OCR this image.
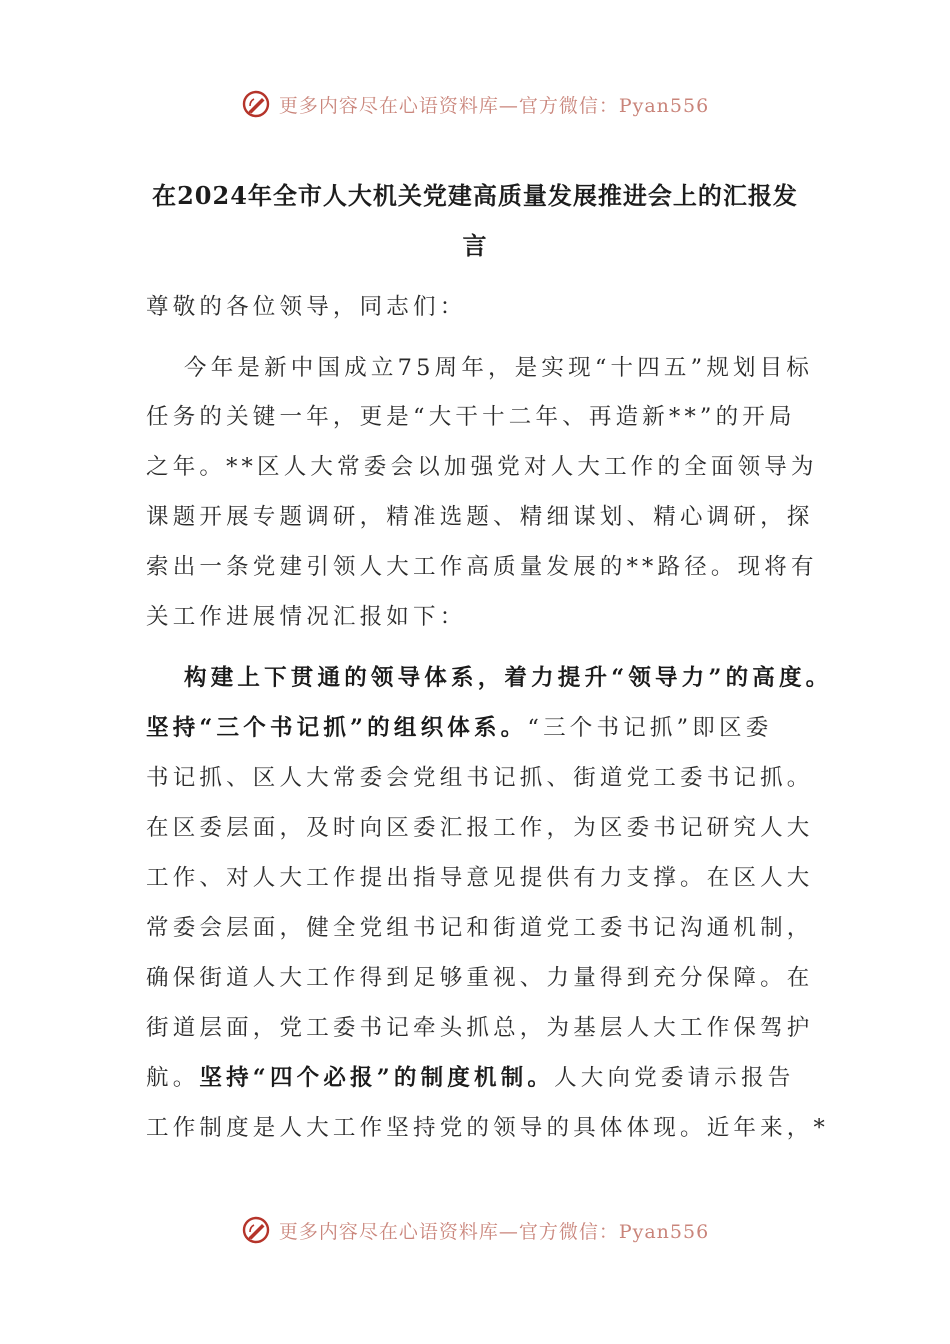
更多内容尽在心语资料库—官方微信：Pyan556
在2024年全市人大机关党建高质量发展推进会上的汇报发
言
尊敬的各位领导，同志们：
今年是新中国成立75周年，是实现“十四五”规划目标
任务的关键一年，更是“大干十二年、再造新**”的开局
之年。**区人大常委会以加强党对人大工作的全面领导为
课题开展专题调研，精准选题、精细谋划、精心调研，探
索出一条党建引领人大工作高质量发展的**路径。现将有
关工作进展情况汇报如下：
构建上下贯通的领导体系，着力提升“领导力”的高度。
坚持“三个书记抓”的组织体系。“三个书记抓”即区委
书记抓、区人大常委会党组书记抓、街道党工委书记抓。
在区委层面，及时向区委汇报工作，为区委书记研究人大
工作、对人大工作提出指导意见提供有力支撑。在区人大
常委会层面，健全党组书记和街道党工委书记沟通机制，
确保街道人大工作得到足够重视、力量得到充分保障。在
街道层面，党工委书记牵头抓总，为基层人大工作保驾护
航。坚持“四个必报”的制度机制。人大向党委请示报告
工作制度是人大工作坚持党的领导的具体体现。近年来，*
更多内容尽在心语资料库—官方微信：Pyan556
